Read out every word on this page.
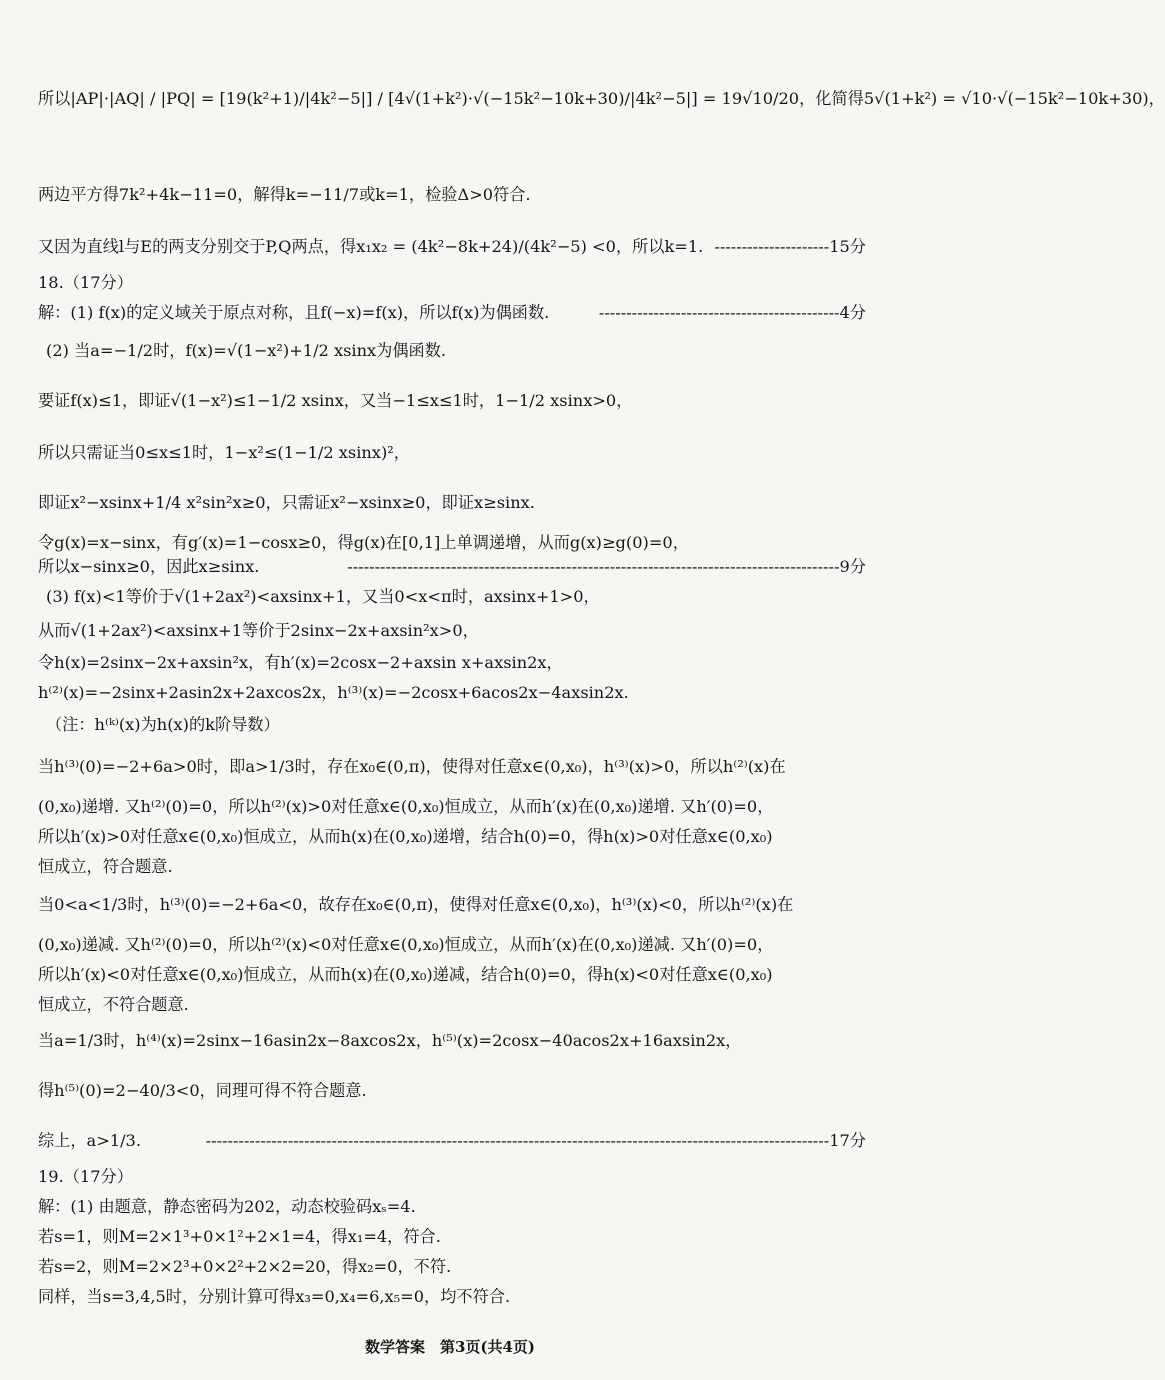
所以|AP|·|AQ| / |PQ| = [19(k²+1)/|4k²−5|] / [4√(1+k²)·√(−15k²−10k+30)/|4k²−5|] = 19√10/20，化简得5√(1+k²) = √10·√(−15k²−10k+30)，
两边平方得7k²+4k−11=0，解得k=−11/7或k=1，检验Δ>0符合.
又因为直线l与E的两支分别交于P,Q两点，得x₁x₂ = (4k²−8k+24)/(4k²−5) <0，所以k=1. ---------------------15分
18.（17分）
解：(1) f(x)的定义域关于原点对称，且f(−x)=f(x)，所以f(x)为偶函数.	--------------------------------------------4分
(2) 当a=−1/2时，f(x)=√(1−x²)+1/2 xsinx为偶函数.
要证f(x)≤1，即证√(1−x²)≤1−1/2 xsinx，又当−1≤x≤1时，1−1/2 xsinx>0，
所以只需证当0≤x≤1时，1−x²≤(1−1/2 xsinx)²，
即证x²−xsinx+1/4 x²sin²x≥0，只需证x²−xsinx≥0，即证x≥sinx.
令g(x)=x−sinx，有g′(x)=1−cosx≥0，得g(x)在[0,1]上单调递增，从而g(x)≥g(0)=0，
所以x−sinx≥0，因此x≥sinx.	------------------------------------------------------------------------------------------9分
(3) f(x)<1等价于√(1+2ax²)<axsinx+1，又当0<x<π时，axsinx+1>0，
从而√(1+2ax²)<axsinx+1等价于2sinx−2x+axsin²x>0，
令h(x)=2sinx−2x+axsin²x，有h′(x)=2cosx−2+axsin x+axsin2x，
h⁽²⁾(x)=−2sinx+2asin2x+2axcos2x，h⁽³⁾(x)=−2cosx+6acos2x−4axsin2x.
（注：h⁽ᵏ⁾(x)为h(x)的k阶导数）
当h⁽³⁾(0)=−2+6a>0时，即a>1/3时，存在x₀∈(0,π)，使得对任意x∈(0,x₀)，h⁽³⁾(x)>0，所以h⁽²⁾(x)在
(0,x₀)递增. 又h⁽²⁾(0)=0，所以h⁽²⁾(x)>0对任意x∈(0,x₀)恒成立，从而h′(x)在(0,x₀)递增. 又h′(0)=0，
所以h′(x)>0对任意x∈(0,x₀)恒成立，从而h(x)在(0,x₀)递增，结合h(0)=0，得h(x)>0对任意x∈(0,x₀)
恒成立，符合题意.
当0<a<1/3时，h⁽³⁾(0)=−2+6a<0，故存在x₀∈(0,π)，使得对任意x∈(0,x₀)，h⁽³⁾(x)<0，所以h⁽²⁾(x)在
(0,x₀)递减. 又h⁽²⁾(0)=0，所以h⁽²⁾(x)<0对任意x∈(0,x₀)恒成立，从而h′(x)在(0,x₀)递减. 又h′(0)=0，
所以h′(x)<0对任意x∈(0,x₀)恒成立，从而h(x)在(0,x₀)递减，结合h(0)=0，得h(x)<0对任意x∈(0,x₀)
恒成立，不符合题意.
当a=1/3时，h⁽⁴⁾(x)=2sinx−16asin2x−8axcos2x，h⁽⁵⁾(x)=2cosx−40acos2x+16axsin2x，
得h⁽⁵⁾(0)=2−40/3<0，同理可得不符合题意.
综上，a>1/3.	------------------------------------------------------------------------------------------------------------------17分
19.（17分）
解：(1) 由题意，静态密码为202，动态校验码xₛ=4.
若s=1，则M=2×1³+0×1²+2×1=4，得x₁=4，符合.
若s=2，则M=2×2³+0×2²+2×2=20，得x₂=0，不符.
同样，当s=3,4,5时，分别计算可得x₃=0,x₄=6,x₅=0，均不符合.
数学答案　第3页(共4页)
